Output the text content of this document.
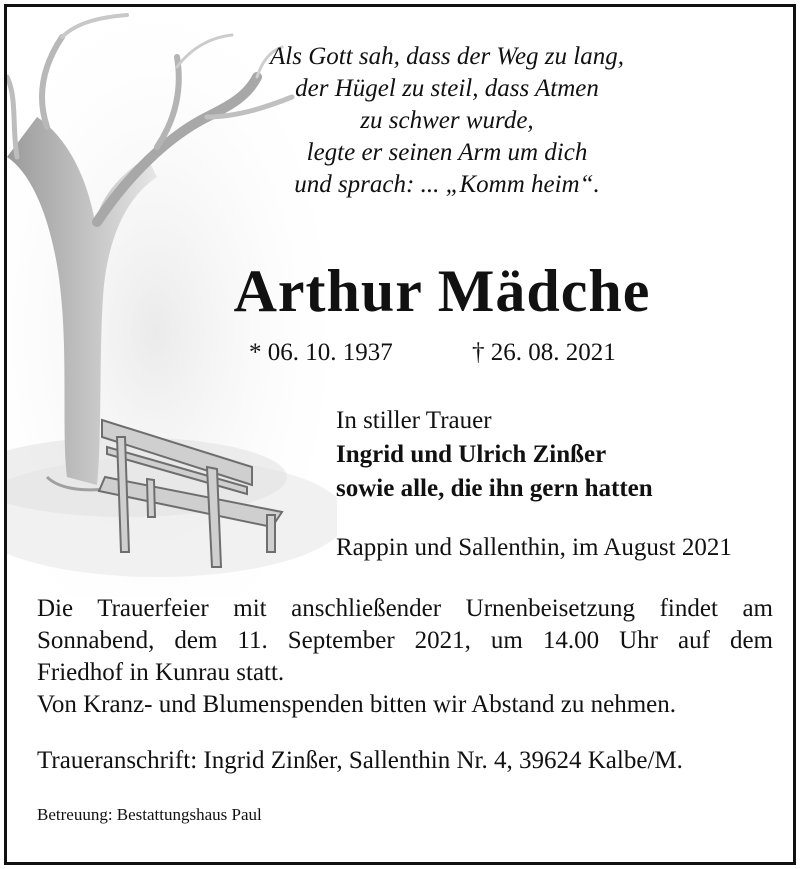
Als Gott sah, dass der Weg zu lang,
der Hügel zu steil, dass Atmen
zu schwer wurde,
legte er seinen Arm um dich
und sprach: ... „Komm heim“.
Arthur Mädche
* 06. 10. 1937	† 26. 08. 2021
In stiller Trauer
Ingrid und Ulrich Zinßer
sowie alle, die ihn gern hatten
Rappin und Sallenthin, im August 2021
Die Trauerfeier mit anschließender Urnenbeisetzung findet am
Sonnabend, dem 11. September 2021, um 14.00 Uhr auf dem
Friedhof in Kunrau statt.
Von Kranz- und Blumenspenden bitten wir Abstand zu nehmen.
Traueranschrift: Ingrid Zinßer, Sallenthin Nr. 4, 39624 Kalbe/M.
Betreuung: Bestattungshaus Paul
